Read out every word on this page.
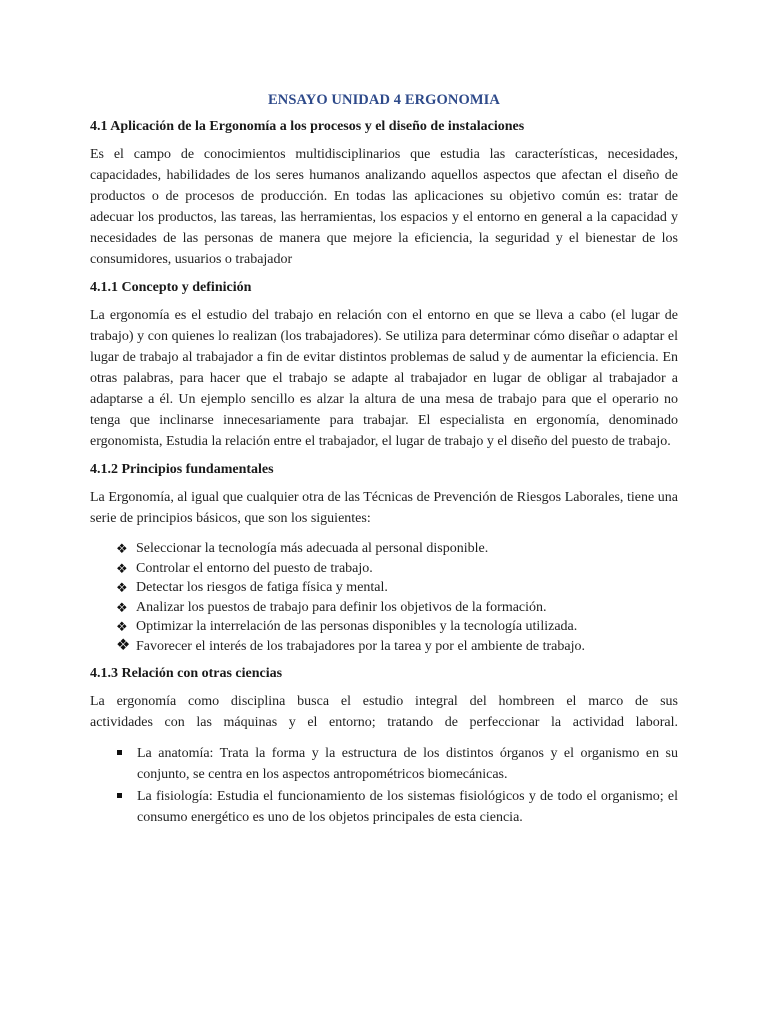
ENSAYO UNIDAD 4 ERGONOMIA
4.1 Aplicación de la Ergonomía a los procesos y el diseño de instalaciones

Es el campo de conocimientos multidisciplinarios que estudia las características, necesidades, capacidades, habilidades de los seres humanos analizando aquellos aspectos que afectan el diseño de productos o de procesos de producción. En todas las aplicaciones su objetivo común es: tratar de adecuar los productos, las tareas, las herramientas, los espacios y el entorno en general a la capacidad y necesidades de las personas de manera que mejore la eficiencia, la seguridad y el bienestar de los consumidores, usuarios o trabajador

4.1.1 Concepto y definición

La ergonomía es el estudio del trabajo en relación con el entorno en que se lleva a cabo (el lugar de trabajo) y con quienes lo realizan (los trabajadores). Se utiliza para determinar cómo diseñar o adaptar el lugar de trabajo al trabajador a fin de evitar distintos problemas de salud y de aumentar la eficiencia. En otras palabras, para hacer que el trabajo se adapte al trabajador en lugar de obligar al trabajador a adaptarse a él. Un ejemplo sencillo es alzar la altura de una mesa de trabajo para que el operario no tenga que inclinarse innecesariamente para trabajar. El especialista en ergonomía, denominado ergonomista, Estudia la relación entre el trabajador, el lugar de trabajo y el diseño del puesto de trabajo.

4.1.2 Principios fundamentales

La Ergonomía, al igual que cualquier otra de las Técnicas de Prevención de Riesgos Laborales, tiene una serie de principios básicos, que son los siguientes:

❖ Seleccionar la tecnología más adecuada al personal disponible.
❖ Controlar el entorno del puesto de trabajo.
❖ Detectar los riesgos de fatiga física y mental.
❖ Analizar los puestos de trabajo para definir los objetivos de la formación.
❖ Optimizar la interrelación de las personas disponibles y la tecnología utilizada.
❖ Favorecer el interés de los trabajadores por la tarea y por el ambiente de trabajo.
4.1.3 Relación con otras ciencias

La ergonomía como disciplina busca el estudio integral del hombreen el marco de sus
actividades con las máquinas y el entorno; tratando de perfeccionar la actividad laboral.

La anatomía: Trata la forma y la estructura de los distintos órganos y el organismo en su conjunto, se centra en los aspectos antropométricos biomecánicas.
La fisiología: Estudia el funcionamiento de los sistemas fisiológicos y de todo el organismo; el consumo energético es uno de los objetos principales de esta ciencia.
